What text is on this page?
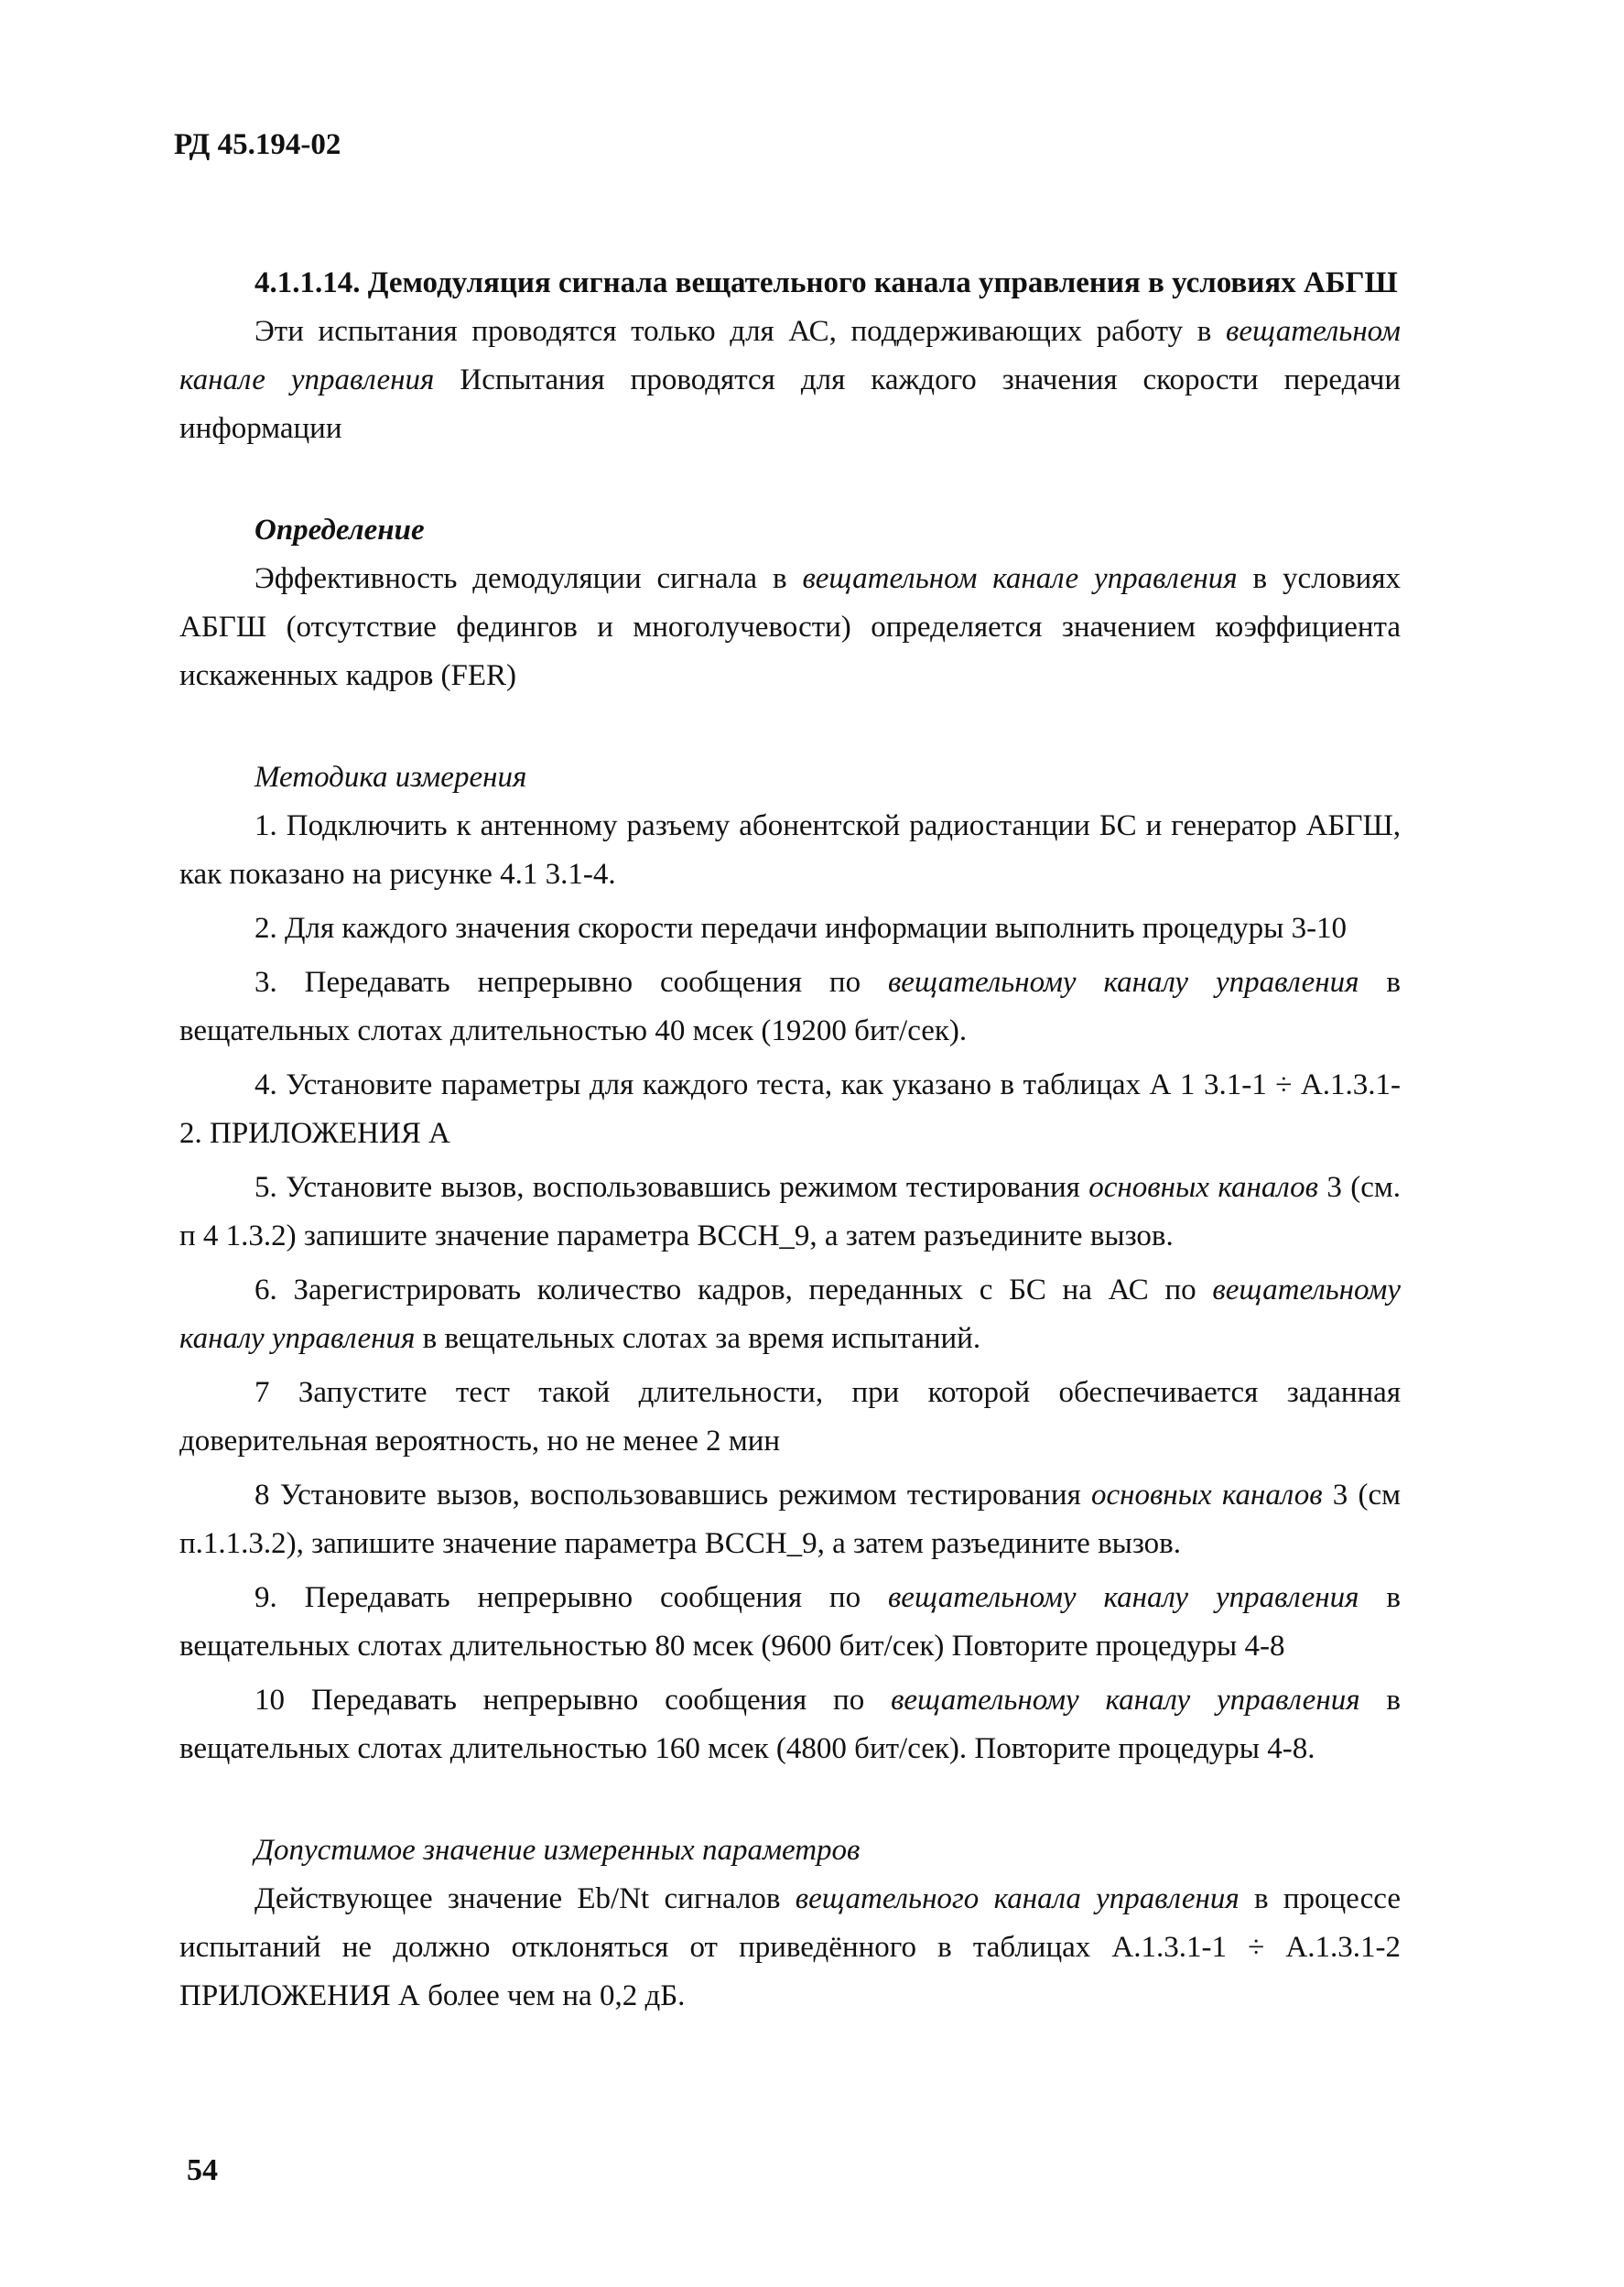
РД 45.194-02

4.1.1.14. Демодуляция сигнала вещательного канала управления в условиях АБГШ

Эти испытания проводятся только для АС, поддерживающих работу в вещательном канале управления Испытания проводятся для каждого значения скорости передачи информации

Определение

Эффективность демодуляции сигнала в вещательном канале управления в условиях АБГШ (отсутствие федингов и многолучевости) определяется значением коэффициента искаженных кадров (FER)

Методика измерения

1. Подключить к антенному разъему абонентской радиостанции БС и генератор АБГШ, как показано на рисунке 4.1 3.1-4.

2. Для каждого значения скорости передачи информации выполнить процедуры 3-10

3. Передавать непрерывно сообщения по вещательному каналу управления в вещательных слотах длительностью 40 мсек (19200 бит/сек).

4. Установите параметры для каждого теста, как указано в таблицах А 1 3.1-1 ÷ А.1.3.1-2. ПРИЛОЖЕНИЯ А

5. Установите вызов, воспользовавшись режимом тестирования основных каналов 3 (см. п 4 1.3.2) запишите значение параметра BCCH_9, а затем разъедините вызов.

6. Зарегистрировать количество кадров, переданных с БС на АС по вещательному каналу управления в вещательных слотах за время испытаний.

7 Запустите тест такой длительности, при которой обеспечивается заданная доверительная вероятность, но не менее 2 мин

8 Установите вызов, воспользовавшись режимом тестирования основных каналов 3 (см п.1.1.3.2), запишите значение параметра BCCH_9, а затем разъедините вызов.

9. Передавать непрерывно сообщения по вещательному каналу управления в вещательных слотах длительностью 80 мсек (9600 бит/сек) Повторите процедуры 4-8

10 Передавать непрерывно сообщения по вещательному каналу управления в вещательных слотах длительностью 160 мсек (4800 бит/сек). Повторите процедуры 4-8.

Допустимое значение измеренных параметров

Действующее значение Eb/Nt сигналов вещательного канала управления в процессе испытаний не должно отклоняться от приведённого в таблицах А.1.3.1-1 ÷ А.1.3.1-2 ПРИЛОЖЕНИЯ А более чем на 0,2 дБ.

54
